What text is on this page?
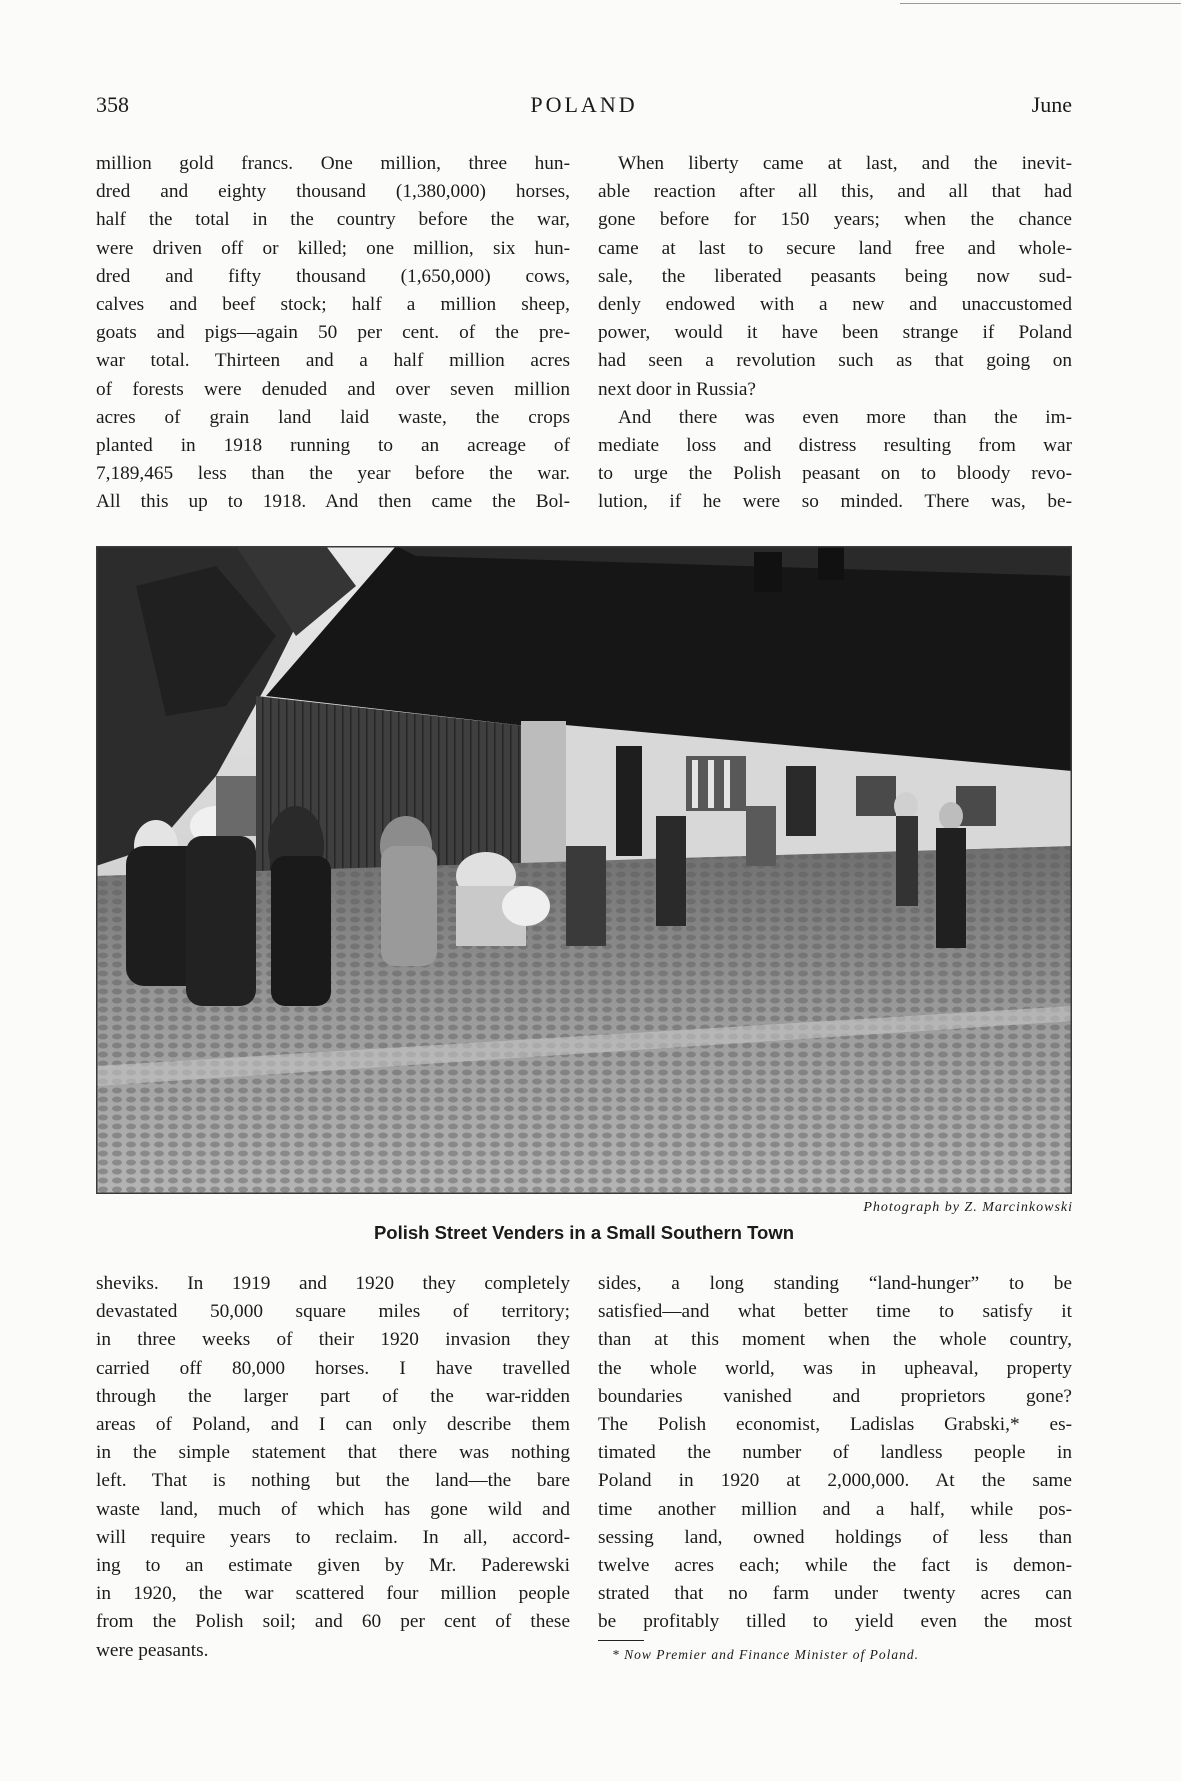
358	POLAND	June
million gold francs. One million, three hun-
dred and eighty thousand (1,380,000) horses,
half the total in the country before the war,
were driven off or killed; one million, six hun-
dred and fifty thousand (1,650,000) cows,
calves and beef stock; half a million sheep,
goats and pigs—again 50 per cent. of the pre-
war total. Thirteen and a half million acres
of forests were denuded and over seven million
acres of grain land laid waste, the crops
planted in 1918 running to an acreage of
7,189,465 less than the year before the war.
All this up to 1918. And then came the Bol-
When liberty came at last, and the inevit-
able reaction after all this, and all that had
gone before for 150 years; when the chance
came at last to secure land free and whole-
sale, the liberated peasants being now sud-
denly endowed with a new and unaccustomed
power, would it have been strange if Poland
had seen a revolution such as that going on
next door in Russia?
And there was even more than the im-
mediate loss and distress resulting from war
to urge the Polish peasant on to bloody revo-
lution, if he were so minded. There was, be-
Photograph by Z. Marcinkowski
Polish Street Venders in a Small Southern Town
sheviks. In 1919 and 1920 they completely
devastated 50,000 square miles of territory;
in three weeks of their 1920 invasion they
carried off 80,000 horses. I have travelled
through the larger part of the war-ridden
areas of Poland, and I can only describe them
in the simple statement that there was nothing
left. That is nothing but the land—the bare
waste land, much of which has gone wild and
will require years to reclaim. In all, accord-
ing to an estimate given by Mr. Paderewski
in 1920, the war scattered four million people
from the Polish soil; and 60 per cent of these
were peasants.
sides, a long standing “land-hunger” to be
satisfied—and what better time to satisfy it
than at this moment when the whole country,
the whole world, was in upheaval, property
boundaries vanished and proprietors gone?
The Polish economist, Ladislas Grabski,* es-
timated the number of landless people in
Poland in 1920 at 2,000,000. At the same
time another million and a half, while pos-
sessing land, owned holdings of less than
twelve acres each; while the fact is demon-
strated that no farm under twenty acres can
be profitably tilled to yield even the most
* Now Premier and Finance Minister of Poland.
